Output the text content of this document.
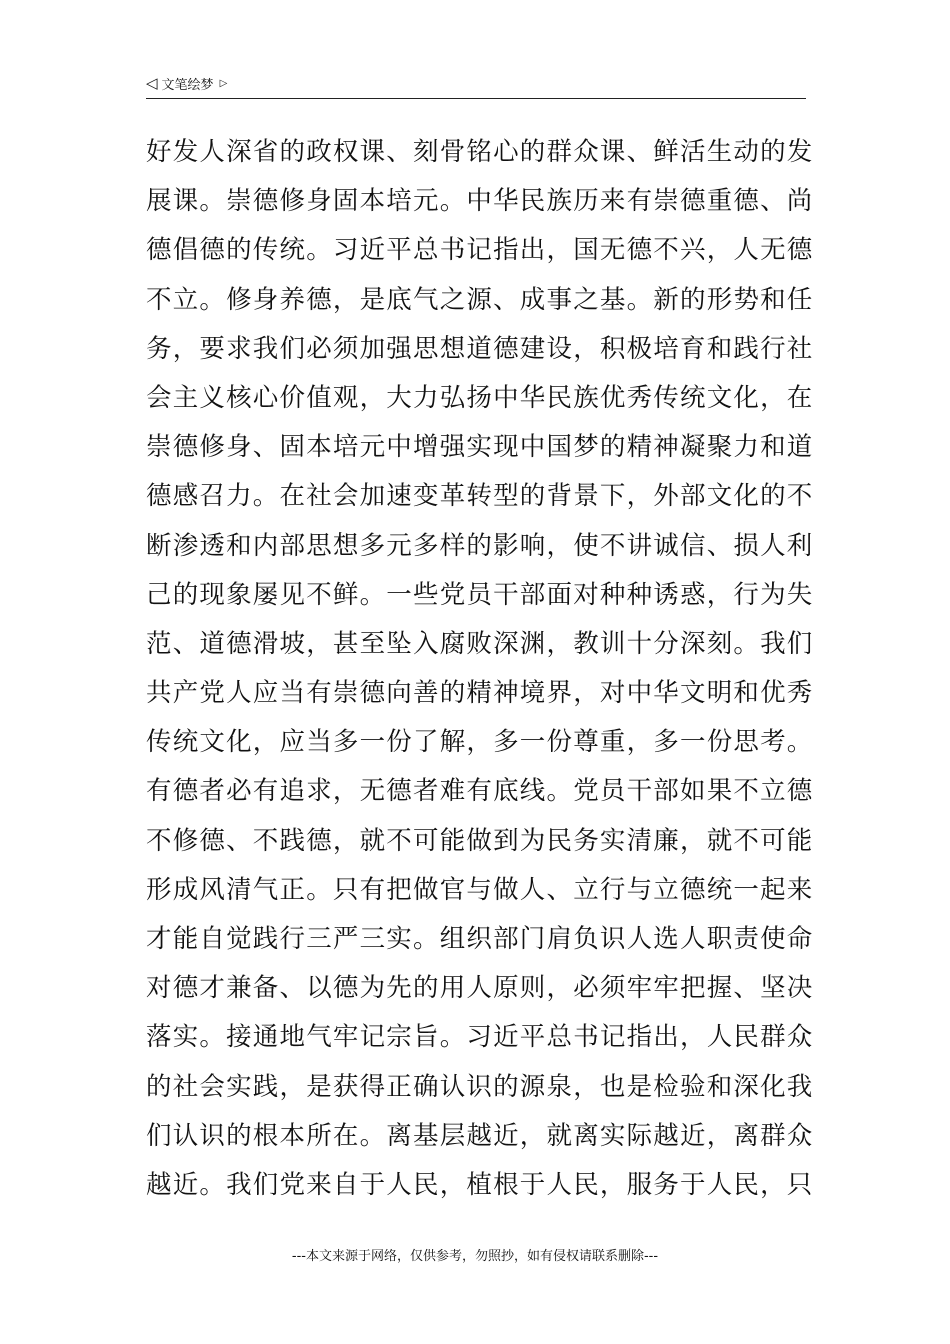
◁ 文笔绘梦 ▷
好发人深省的政权课、刻骨铭心的群众课、鲜活生动的发
展课。崇德修身固本培元。中华民族历来有崇德重德、尚
德倡德的传统。习近平总书记指出，国无德不兴，人无德
不立。修身养德，是底气之源、成事之基。新的形势和任
务，要求我们必须加强思想道德建设，积极培育和践行社
会主义核心价值观，大力弘扬中华民族优秀传统文化，在
崇德修身、固本培元中增强实现中国梦的精神凝聚力和道
德感召力。在社会加速变革转型的背景下，外部文化的不
断渗透和内部思想多元多样的影响，使不讲诚信、损人利
己的现象屡见不鲜。一些党员干部面对种种诱惑，行为失
范、道德滑坡，甚至坠入腐败深渊，教训十分深刻。我们
共产党人应当有崇德向善的精神境界，对中华文明和优秀
传统文化，应当多一份了解，多一份尊重，多一份思考。
有德者必有追求，无德者难有底线。党员干部如果不立德
不修德、不践德，就不可能做到为民务实清廉，就不可能
形成风清气正。只有把做官与做人、立行与立德统一起来
才能自觉践行三严三实。组织部门肩负识人选人职责使命
对德才兼备、以德为先的用人原则，必须牢牢把握、坚决
落实。接通地气牢记宗旨。习近平总书记指出，人民群众
的社会实践，是获得正确认识的源泉，也是检验和深化我
们认识的根本所在。离基层越近，就离实际越近，离群众
越近。我们党来自于人民，植根于人民，服务于人民，只
---本文来源于网络，仅供参考，勿照抄，如有侵权请联系删除---
